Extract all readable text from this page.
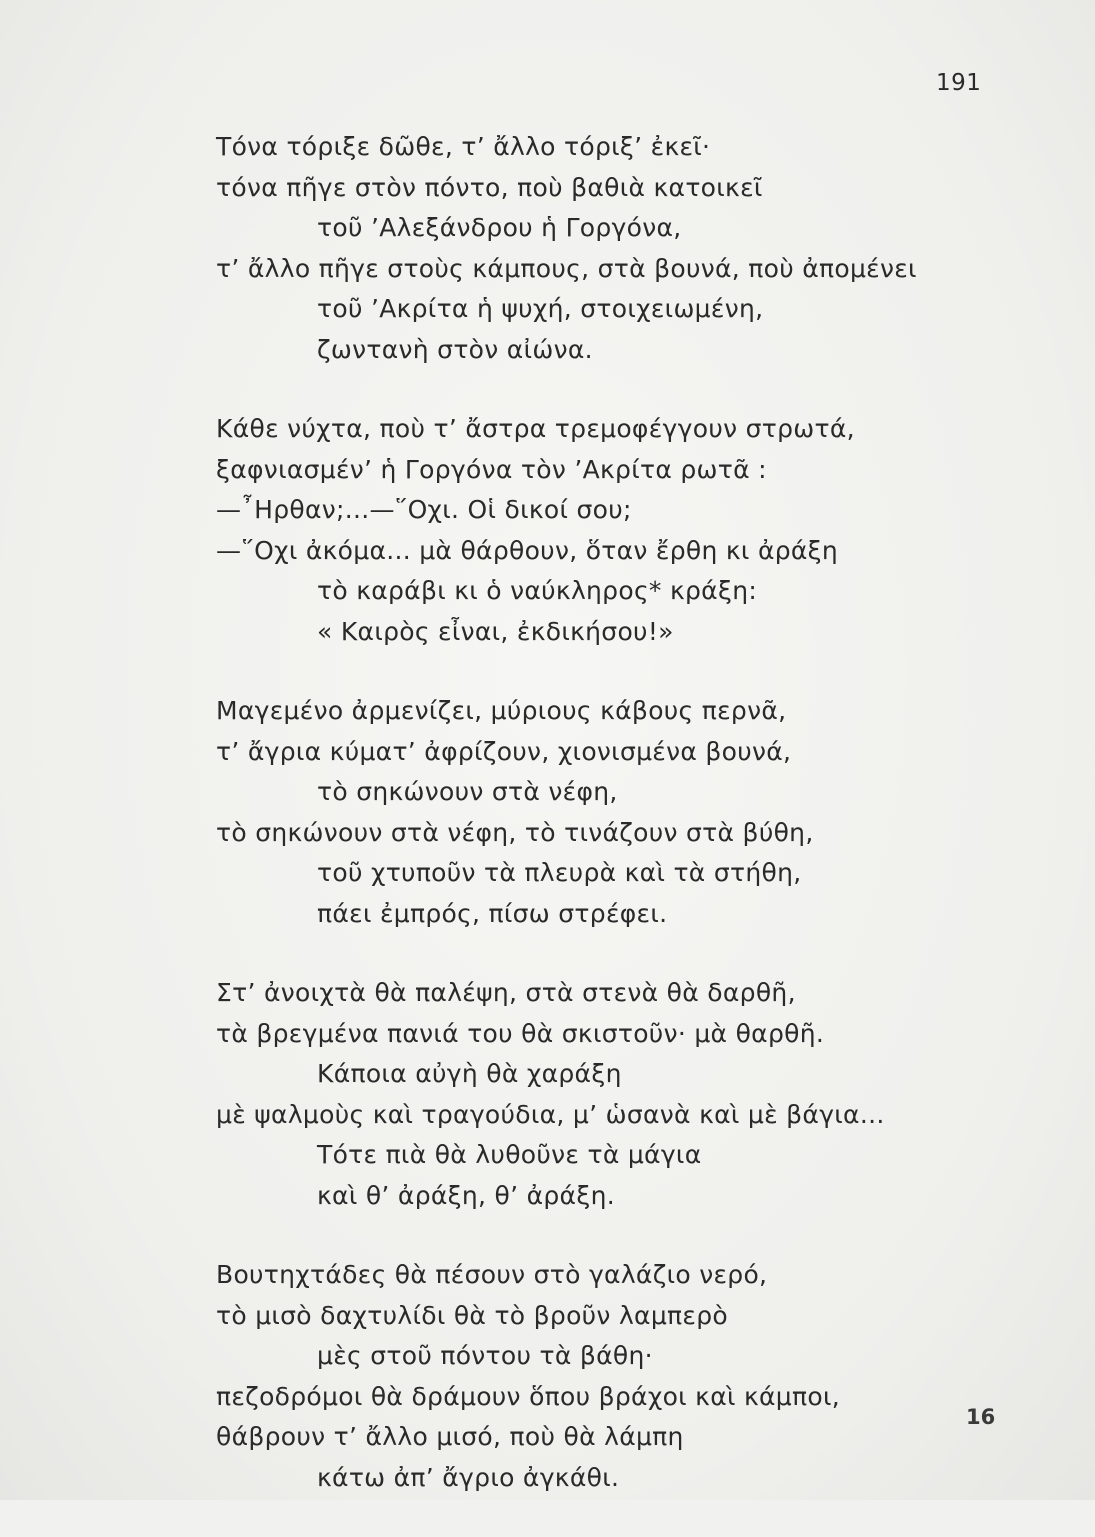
191
Τόνα τόριξε δῶθε, τ’ ἄλλο τόριξ’ ἐκεῖ·
τόνα πῆγε στὸν πόντο, ποὺ βαθιὰ κατοικεῖ
τοῦ ’Αλεξάνδρου ἡ Γοργόνα,
τ’ ἄλλο πῆγε στοὺς κάμπους, στὰ βουνά, ποὺ ἀπομένει
τοῦ ’Ακρίτα ἡ ψυχή, στοιχειωμένη,
ζωντανὴ στὸν αἰώνα.
Κάθε νύχτα, ποὺ τ’ ἄστρα τρεμοφέγγουν στρωτά,
ξαφνιασμέν’ ἡ Γοργόνα τὸν ’Ακρίτα ρωτᾶ :
—῏Ηρθαν;...—῞Οχι. Οἱ δικοί σου;
—῞Οχι ἀκόμα... μὰ θάρθουν, ὅταν ἔρθη κι ἀράξη
τὸ καράβι κι ὁ ναύκληρος* κράξη:
« Καιρὸς εἶναι, ἐκδικήσου!»
Μαγεμένο ἀρμενίζει, μύριους κάβους περνᾶ,
τ’ ἄγρια κύματ’ ἀφρίζουν, χιονισμένα βουνά,
τὸ σηκώνουν στὰ νέφη,
τὸ σηκώνουν στὰ νέφη, τὸ τινάζουν στὰ βύθη,
τοῦ χτυποῦν τὰ πλευρὰ καὶ τὰ στήθη,
πάει ἐμπρός, πίσω στρέφει.
Στ’ ἀνοιχτὰ θὰ παλέψη, στὰ στενὰ θὰ δαρθῆ,
τὰ βρεγμένα πανιά του θὰ σκιστοῦν· μὰ θαρθῆ.
Κάποια αὐγὴ θὰ χαράξη
μὲ ψαλμοὺς καὶ τραγούδια, μ’ ὡσανὰ καὶ μὲ βάγια...
Τότε πιὰ θὰ λυθοῦνε τὰ μάγια
καὶ θ’ ἀράξη, θ’ ἀράξη.
Βουτηχτάδες θὰ πέσουν στὸ γαλάζιο νερό,
τὸ μισὸ δαχτυλίδι θὰ τὸ βροῦν λαμπερὸ
μὲς στοῦ πόντου τὰ βάθη·
πεζοδρόμοι θὰ δράμουν ὅπου βράχοι καὶ κάμποι,
θάβρουν τ’ ἄλλο μισό, ποὺ θὰ λάμπη
κάτω ἀπ’ ἄγριο ἀγκάθι.
16
